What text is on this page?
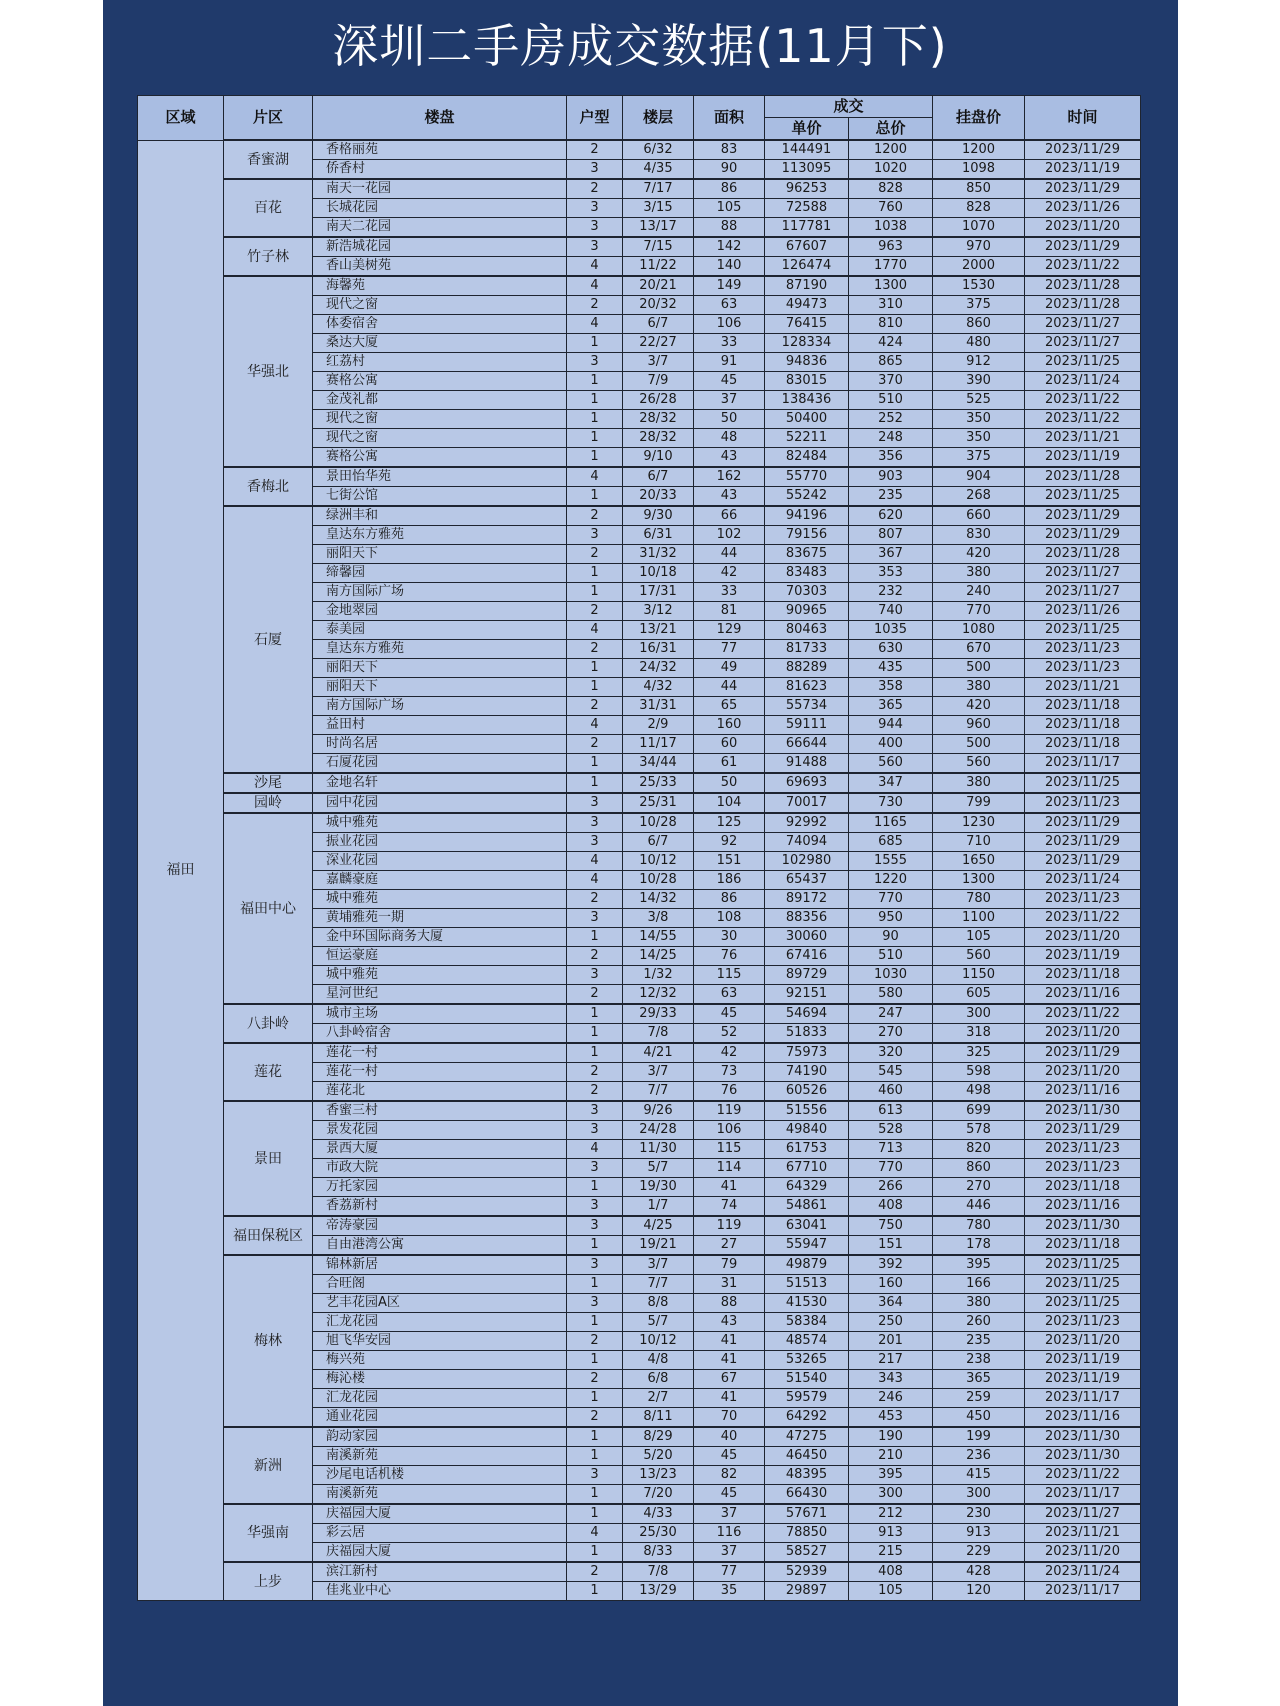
深圳二手房成交数据(11月下)
区域	片区	楼盘	户型	楼层	面积	成交		挂盘价	时间
						单价	总价		
福田	香蜜湖	香格丽苑	2	6/32	83	144491	1200	1200	2023/11/29
		侨香村	3	4/35	90	113095	1020	1098	2023/11/19
	百花	南天一花园	2	7/17	86	96253	828	850	2023/11/29
		长城花园	3	3/15	105	72588	760	828	2023/11/26
		南天二花园	3	13/17	88	117781	1038	1070	2023/11/20
	竹子林	新浩城花园	3	7/15	142	67607	963	970	2023/11/29
		香山美树苑	4	11/22	140	126474	1770	2000	2023/11/22
	华强北	海馨苑	4	20/21	149	87190	1300	1530	2023/11/28
		现代之窗	2	20/32	63	49473	310	375	2023/11/28
		体委宿舍	4	6/7	106	76415	810	860	2023/11/27
		桑达大厦	1	22/27	33	128334	424	480	2023/11/27
		红荔村	3	3/7	91	94836	865	912	2023/11/25
		赛格公寓	1	7/9	45	83015	370	390	2023/11/24
		金茂礼都	1	26/28	37	138436	510	525	2023/11/22
		现代之窗	1	28/32	50	50400	252	350	2023/11/22
		现代之窗	1	28/32	48	52211	248	350	2023/11/21
		赛格公寓	1	9/10	43	82484	356	375	2023/11/19
	香梅北	景田怡华苑	4	6/7	162	55770	903	904	2023/11/28
		七街公馆	1	20/33	43	55242	235	268	2023/11/25
	石厦	绿洲丰和	2	9/30	66	94196	620	660	2023/11/29
		皇达东方雅苑	3	6/31	102	79156	807	830	2023/11/29
		丽阳天下	2	31/32	44	83675	367	420	2023/11/28
		缔馨园	1	10/18	42	83483	353	380	2023/11/27
		南方国际广场	1	17/31	33	70303	232	240	2023/11/27
		金地翠园	2	3/12	81	90965	740	770	2023/11/26
		泰美园	4	13/21	129	80463	1035	1080	2023/11/25
		皇达东方雅苑	2	16/31	77	81733	630	670	2023/11/23
		丽阳天下	1	24/32	49	88289	435	500	2023/11/23
		丽阳天下	1	4/32	44	81623	358	380	2023/11/21
		南方国际广场	2	31/31	65	55734	365	420	2023/11/18
		益田村	4	2/9	160	59111	944	960	2023/11/18
		时尚名居	2	11/17	60	66644	400	500	2023/11/18
		石厦花园	1	34/44	61	91488	560	560	2023/11/17
	沙尾	金地名轩	1	25/33	50	69693	347	380	2023/11/25
	园岭	园中花园	3	25/31	104	70017	730	799	2023/11/23
	福田中心	城中雅苑	3	10/28	125	92992	1165	1230	2023/11/29
		振业花园	3	6/7	92	74094	685	710	2023/11/29
		深业花园	4	10/12	151	102980	1555	1650	2023/11/29
		嘉麟豪庭	4	10/28	186	65437	1220	1300	2023/11/24
		城中雅苑	2	14/32	86	89172	770	780	2023/11/23
		黄埔雅苑一期	3	3/8	108	88356	950	1100	2023/11/22
		金中环国际商务大厦	1	14/55	30	30060	90	105	2023/11/20
		恒运豪庭	2	14/25	76	67416	510	560	2023/11/19
		城中雅苑	3	1/32	115	89729	1030	1150	2023/11/18
		星河世纪	2	12/32	63	92151	580	605	2023/11/16
	八卦岭	城市主场	1	29/33	45	54694	247	300	2023/11/22
		八卦岭宿舍	1	7/8	52	51833	270	318	2023/11/20
	莲花	莲花一村	1	4/21	42	75973	320	325	2023/11/29
		莲花一村	2	3/7	73	74190	545	598	2023/11/20
		莲花北	2	7/7	76	60526	460	498	2023/11/16
	景田	香蜜三村	3	9/26	119	51556	613	699	2023/11/30
		景发花园	3	24/28	106	49840	528	578	2023/11/29
		景西大厦	4	11/30	115	61753	713	820	2023/11/23
		市政大院	3	5/7	114	67710	770	860	2023/11/23
		万托家园	1	19/30	41	64329	266	270	2023/11/18
		香荔新村	3	1/7	74	54861	408	446	2023/11/16
	福田保税区	帝涛豪园	3	4/25	119	63041	750	780	2023/11/30
		自由港湾公寓	1	19/21	27	55947	151	178	2023/11/18
	梅林	锦林新居	3	3/7	79	49879	392	395	2023/11/25
		合旺阁	1	7/7	31	51513	160	166	2023/11/25
		艺丰花园A区	3	8/8	88	41530	364	380	2023/11/25
		汇龙花园	1	5/7	43	58384	250	260	2023/11/23
		旭飞华安园	2	10/12	41	48574	201	235	2023/11/20
		梅兴苑	1	4/8	41	53265	217	238	2023/11/19
		梅沁楼	2	6/8	67	51540	343	365	2023/11/19
		汇龙花园	1	2/7	41	59579	246	259	2023/11/17
		通业花园	2	8/11	70	64292	453	450	2023/11/16
	新洲	韵动家园	1	8/29	40	47275	190	199	2023/11/30
		南溪新苑	1	5/20	45	46450	210	236	2023/11/30
		沙尾电话机楼	3	13/23	82	48395	395	415	2023/11/22
		南溪新苑	1	7/20	45	66430	300	300	2023/11/17
	华强南	庆福园大厦	1	4/33	37	57671	212	230	2023/11/27
		彩云居	4	25/30	116	78850	913	913	2023/11/21
		庆福园大厦	1	8/33	37	58527	215	229	2023/11/20
	上步	滨江新村	2	7/8	77	52939	408	428	2023/11/24
		佳兆业中心	1	13/29	35	29897	105	120	2023/11/17
